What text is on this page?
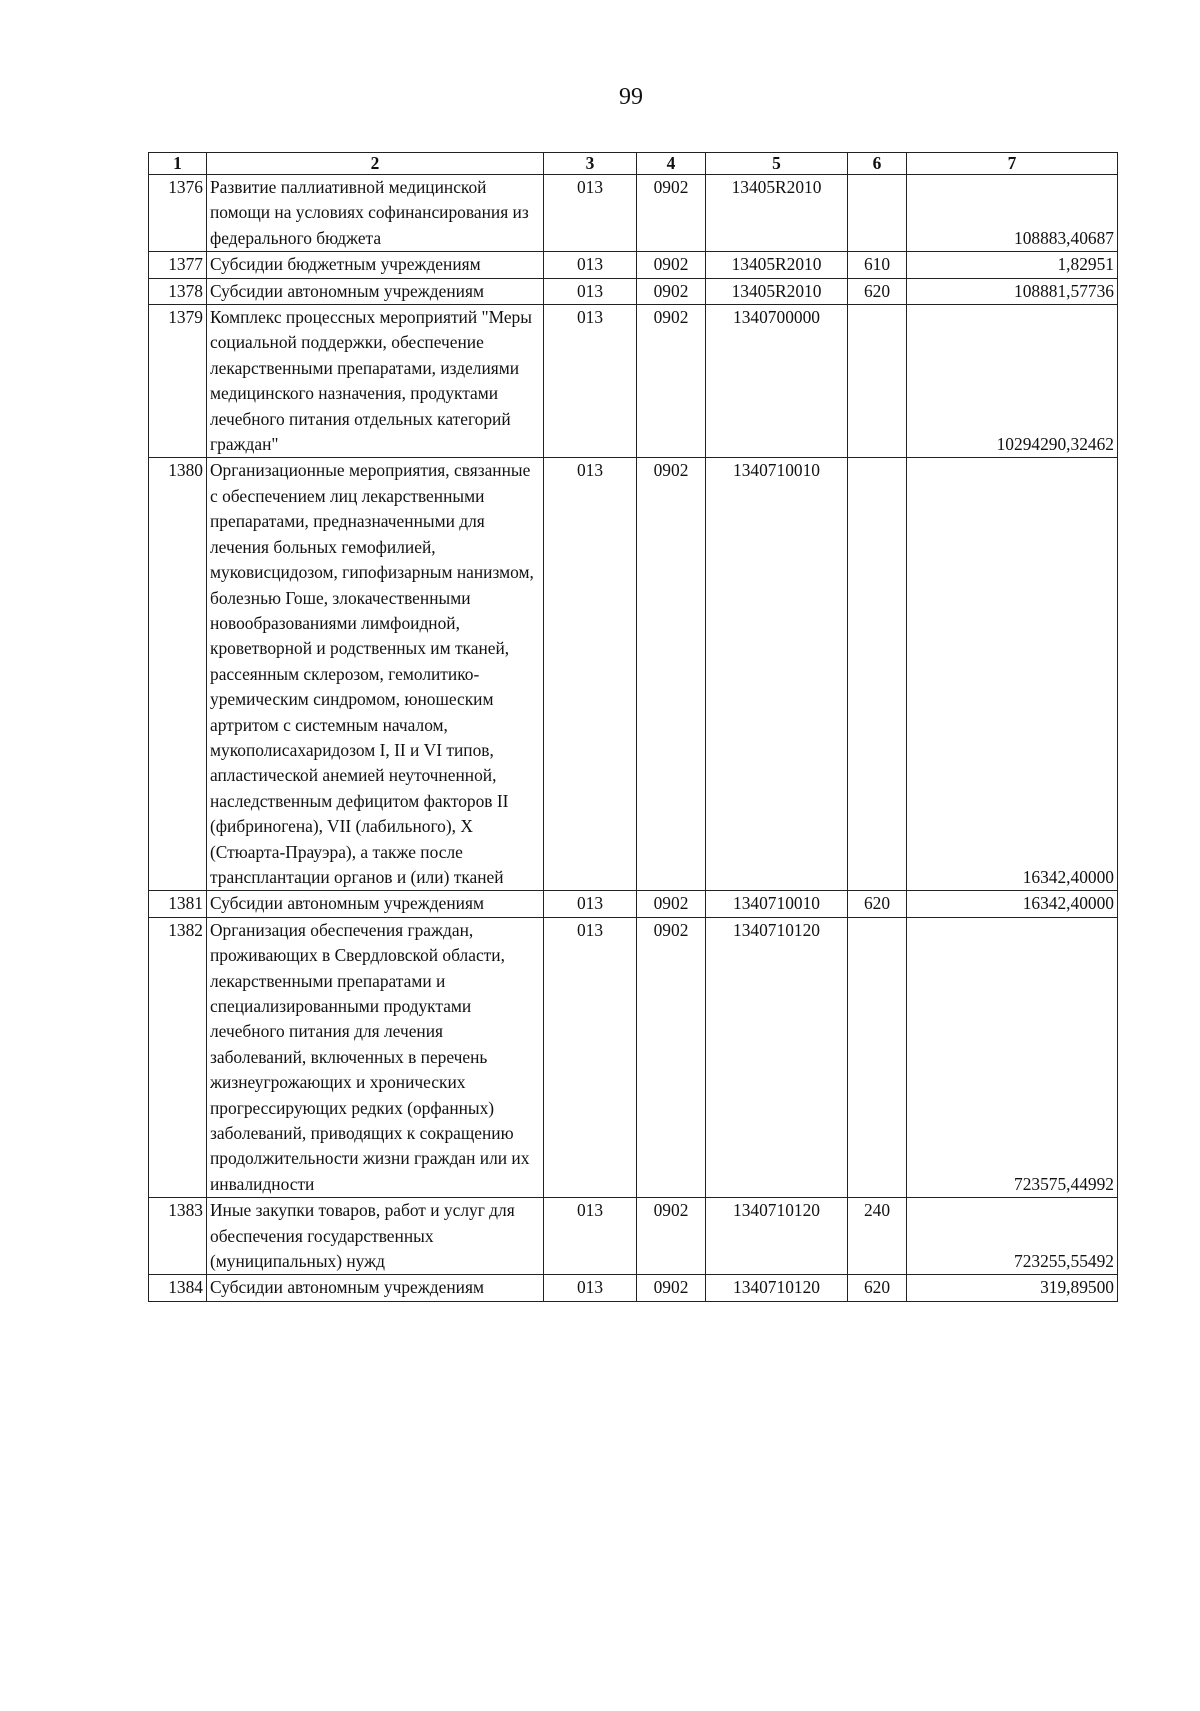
99
1	2	3	4	5	6	7
1376	Развитие паллиативной медицинской помощи на условиях софинансирования из федерального бюджета	013	0902	13405R2010		108883,40687
1377	Субсидии бюджетным учреждениям	013	0902	13405R2010	610	1,82951
1378	Субсидии автономным учреждениям	013	0902	13405R2010	620	108881,57736
1379	Комплекс процессных мероприятий "Меры социальной поддержки, обеспечение лекарственными препаратами, изделиями медицинского назначения, продуктами лечебного питания отдельных категорий граждан"	013	0902	1340700000		10294290,32462
1380	Организационные мероприятия, связанные с обеспечением лиц лекарственными препаратами, предназначенными для лечения больных гемофилией, муковисцидозом, гипофизарным нанизмом, болезнью Гоше, злокачественными новообразованиями лимфоидной, кроветворной и родственных им тканей, рассеянным склерозом, гемолитико-уремическим синдромом, юношеским артритом с системным началом, мукополисахаридозом I, II и VI типов, апластической анемией неуточненной, наследственным дефицитом факторов II (фибриногена), VII (лабильного), X (Стюарта-Прауэра), а также после трансплантации органов и (или) тканей	013	0902	1340710010		16342,40000
1381	Субсидии автономным учреждениям	013	0902	1340710010	620	16342,40000
1382	Организация обеспечения граждан, проживающих в Свердловской области, лекарственными препаратами и специализированными продуктами лечебного питания для лечения заболеваний, включенных в перечень жизнеугрожающих и хронических прогрессирующих редких (орфанных) заболеваний, приводящих к сокращению продолжительности жизни граждан или их инвалидности	013	0902	1340710120		723575,44992
1383	Иные закупки товаров, работ и услуг для обеспечения государственных (муниципальных) нужд	013	0902	1340710120	240	723255,55492
1384	Субсидии автономным учреждениям	013	0902	1340710120	620	319,89500
